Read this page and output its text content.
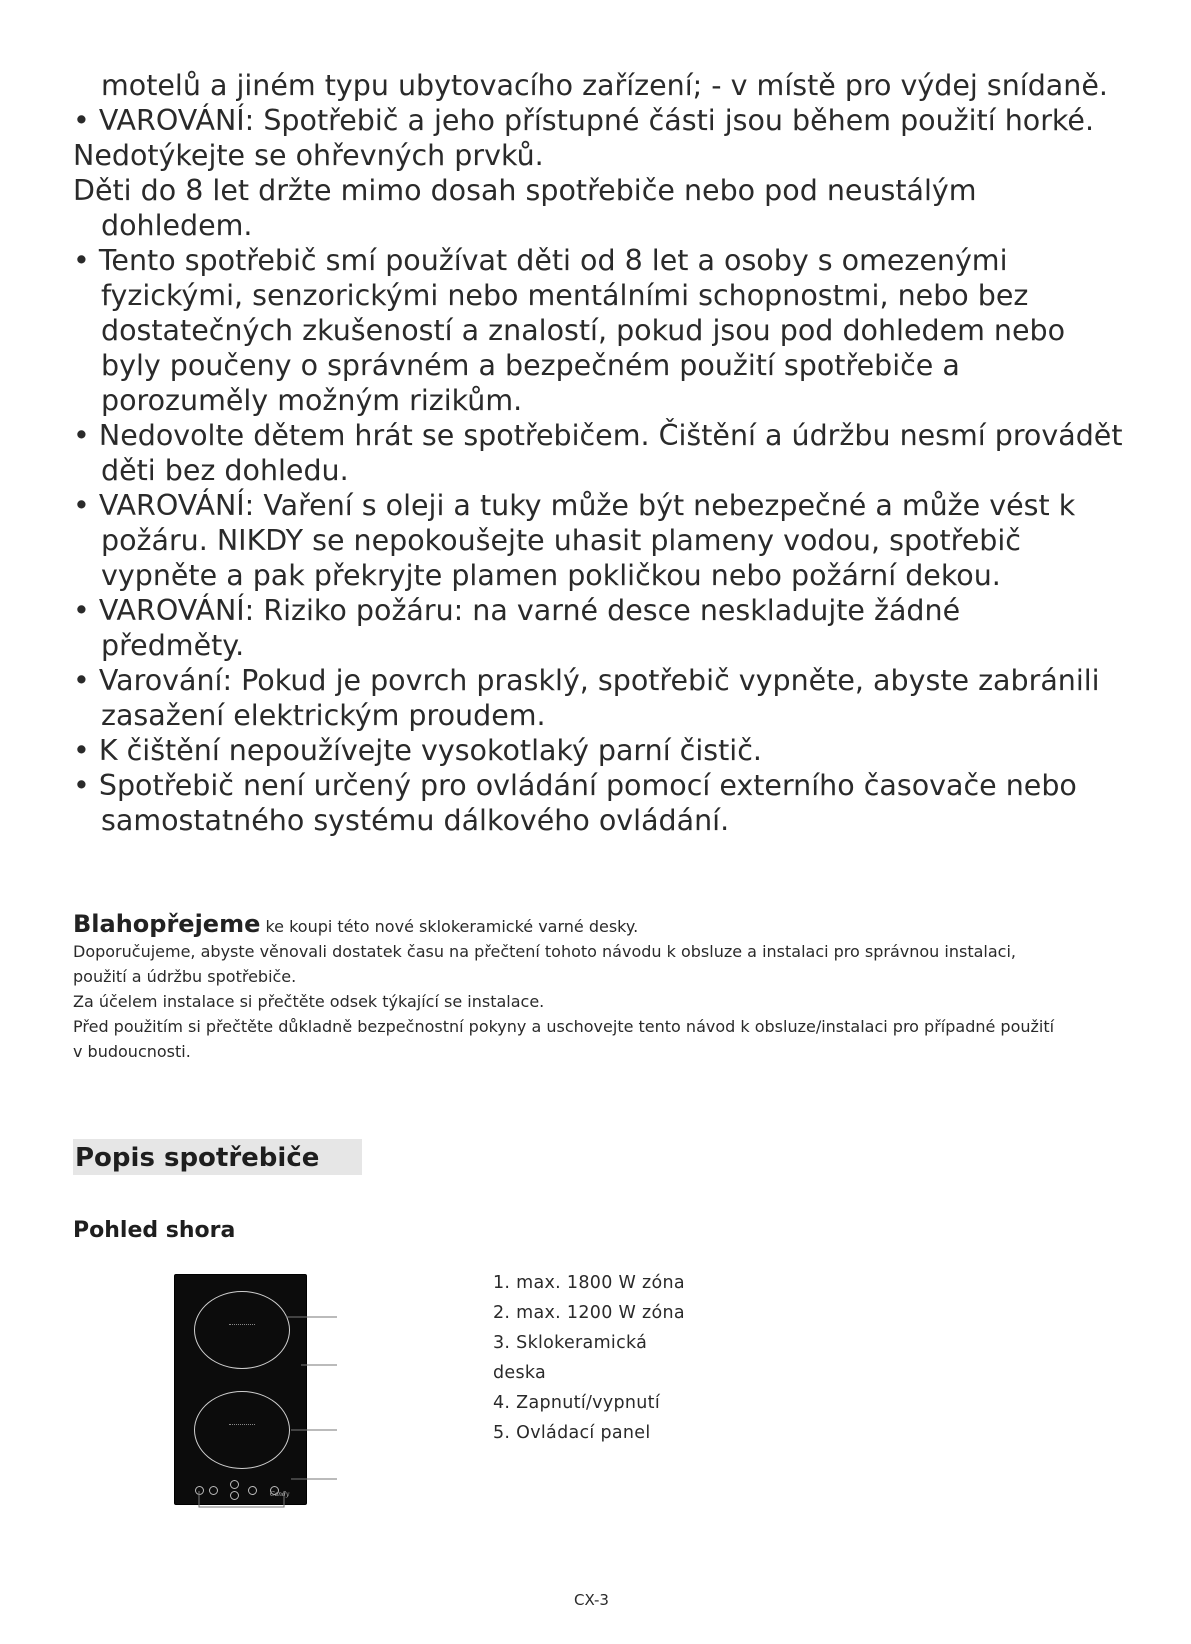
motelů a jiném typu ubytovacího zařízení; - v místě pro výdej snídaně.

• VAROVÁNÍ: Spotřebič a jeho přístupné části jsou během použití horké.

Nedotýkejte se ohřevných prvků.

Děti do 8 let držte mimo dosah spotřebiče nebo pod neustálým

dohledem.

• Tento spotřebič smí používat děti od 8 let a osoby s omezenými

fyzickými, senzorickými nebo mentálními schopnostmi, nebo bez

dostatečných zkušeností a znalostí, pokud jsou pod dohledem nebo

byly poučeny o správném a bezpečném použití spotřebiče a

porozuměly možným rizikům.

• Nedovolte dětem hrát se spotřebičem. Čištění a údržbu nesmí provádět

děti bez dohledu.

• VAROVÁNÍ: Vaření s oleji a tuky může být nebezpečné a může vést k

požáru. NIKDY se nepokoušejte uhasit plameny vodou, spotřebič

vypněte a pak překryjte plamen pokličkou nebo požární dekou.

• VAROVÁNÍ: Riziko požáru: na varné desce neskladujte žádné

předměty.

• Varování: Pokud je povrch prasklý, spotřebič vypněte, abyste zabránili

zasažení elektrickým proudem.

• K čištění nepoužívejte vysokotlaký parní čistič.

• Spotřebič není určený pro ovládání pomocí externího časovače nebo

samostatného systému dálkového ovládání.

Blahopřejeme ke koupi této nové sklokeramické varné desky.

Doporučujeme, abyste věnovali dostatek času na přečtení tohoto návodu k obsluze a instalaci pro správnou instalaci,

použití a údržbu spotřebiče.

Za účelem instalace si přečtěte odsek týkající se instalace.

Před použitím si přečtěte důkladně bezpečnostní pokyny a uschovejte tento návod k obsluze/instalaci pro případné použití

v budoucnosti.

Popis spotřebiče
Pohled shora
Candy

1. max. 1800 W zóna

2. max. 1200 W zóna

3. Sklokeramická

deska

4. Zapnutí/vypnutí

5. Ovládací panel

CX-3
